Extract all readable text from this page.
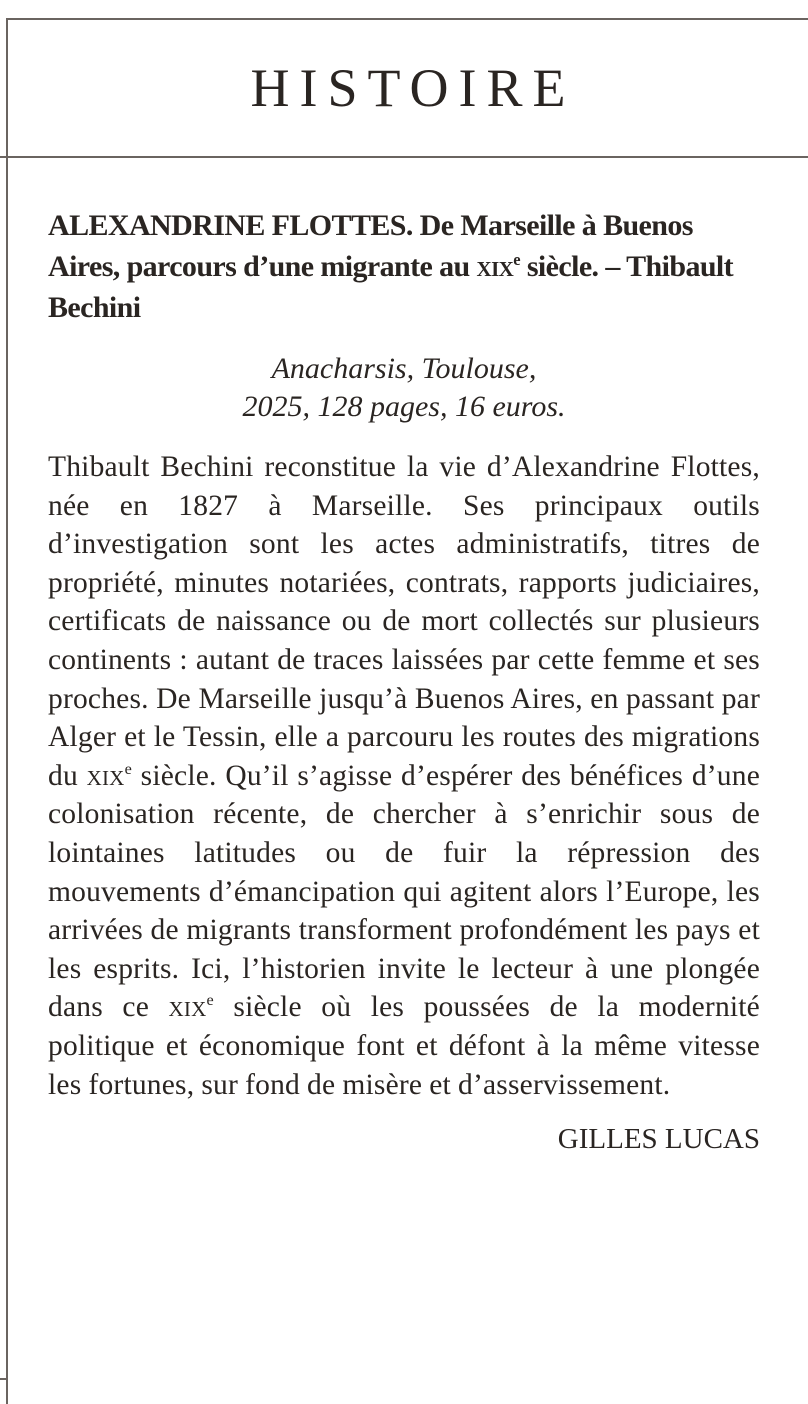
HISTOIRE
ALEXANDRINE FLOTTES. De Marseille à Buenos Aires, parcours d’une migrante au xix$^e$ siècle. – Thibault Bechini

Anacharsis, Toulouse,
2025, 128 pages, 16 euros.

Thibault Bechini reconstitue la vie d’Alexandrine Flottes, née en 1827 à Marseille. Ses principaux outils d’investigation sont les actes administratifs, titres de propriété, minutes notariées, contrats, rapports judiciaires, certificats de naissance ou de mort collectés sur plusieurs continents : autant de traces laissées par cette femme et ses proches. De Marseille jusqu’à Buenos Aires, en passant par Alger et le Tessin, elle a parcouru les routes des migrations du xix$^e$ siècle. Qu’il s’agisse d’espérer des bénéfices d’une colonisation récente, de chercher à s’enrichir sous de lointaines latitudes ou de fuir la répression des mouvements d’émancipation qui agitent alors l’Europe, les arrivées de migrants transforment profondément les pays et les esprits. Ici, l’historien invite le lecteur à une plongée dans ce xix$^e$ siècle où les poussées de la modernité politique et économique font et défont à la même vitesse les fortunes, sur fond de misère et d’asservissement.

GILLES LUCAS
